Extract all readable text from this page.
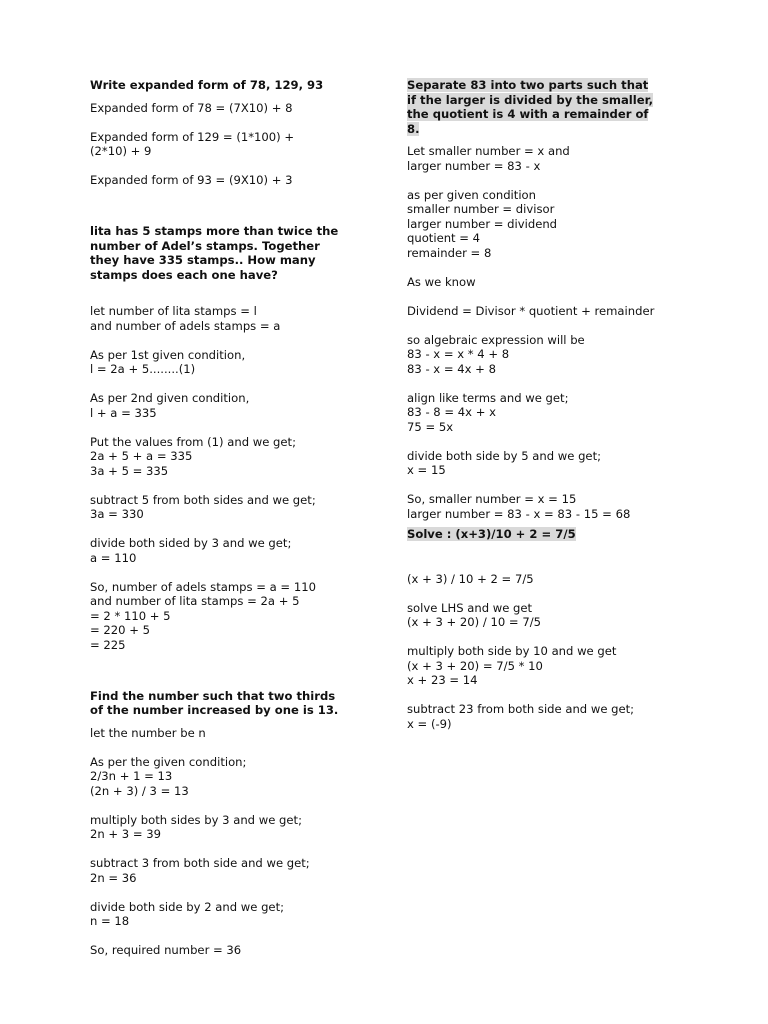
Write expanded form of 78, 129, 93
Expanded form of 78 = (7X10) + 8
Expanded form of 129 = (1*100) +
(2*10) + 9
Expanded form of 93 = (9X10) + 3
lita has 5 stamps more than twice the
number of Adel’s stamps. Together
they have 335 stamps.. How many
stamps does each one have?
let number of lita stamps = l
and number of adels stamps = a
As per 1st given condition,
l = 2a + 5........(1)
As per 2nd given condition,
l + a = 335
Put the values from (1) and we get;
2a + 5 + a = 335
3a + 5 = 335
subtract 5 from both sides and we get;
3a = 330
divide both sided by 3 and we get;
a = 110
So, number of adels stamps = a = 110
and number of lita stamps = 2a + 5
= 2 * 110 + 5
= 220 + 5
= 225
Find the number such that two thirds
of the number increased by one is 13.
let the number be n
As per the given condition;
2/3n + 1 = 13
(2n + 3) / 3 = 13
multiply both sides by 3 and we get;
2n + 3 = 39
subtract 3 from both side and we get;
2n = 36
divide both side by 2 and we get;
n = 18
So, required number = 36
Separate 83 into two parts such that
if the larger is divided by the smaller,
the quotient is 4 with a remainder of
8.
Let smaller number = x and
larger number = 83 - x
as per given condition
smaller number = divisor
larger number = dividend
quotient = 4
remainder = 8
As we know
Dividend = Divisor * quotient + remainder
so algebraic expression will be
83 - x = x * 4 + 8
83 - x = 4x + 8
align like terms and we get;
83 - 8 = 4x + x
75 = 5x
divide both side by 5 and we get;
x = 15
So, smaller number = x = 15
larger number = 83 - x = 83 - 15 = 68
Solve : (x+3)/10 + 2 = 7/5
(x + 3) / 10 + 2 = 7/5
solve LHS and we get
(x + 3 + 20) / 10 = 7/5
multiply both side by 10 and we get
(x + 3 + 20) = 7/5 * 10
x + 23 = 14
subtract 23 from both side and we get;
x = (-9)
